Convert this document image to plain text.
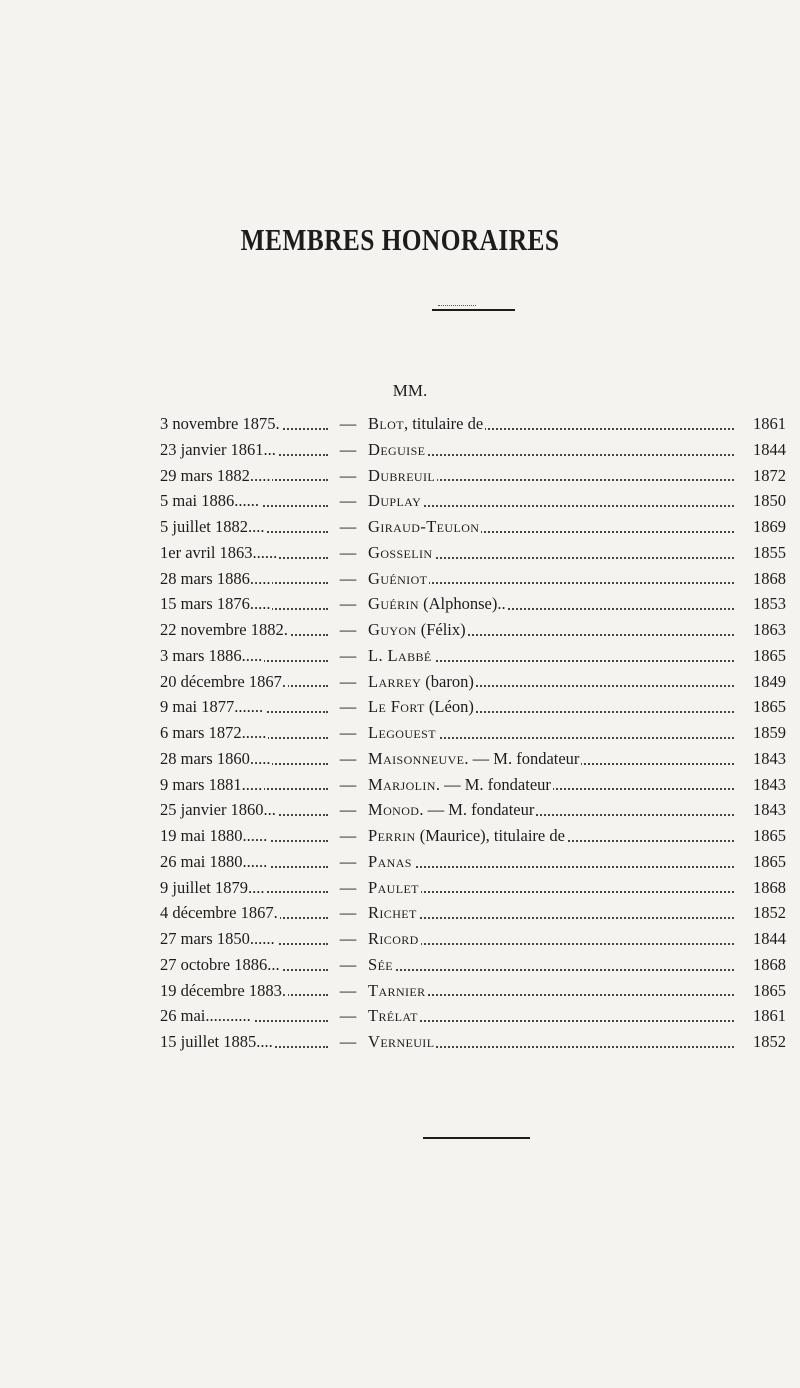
MEMBRES HONORAIRES
MM.
3 novembre 1875.	— Blot, titulaire de	1861
23 janvier 1861...	— Deguise	1844
29 mars 1882.....	— Dubreuil	1872
5 mai 1886......	— Duplay	1850
5 juillet 1882....	— Giraud-Teulon	1869
1er avril 1863......	— Gosselin	1855
28 mars 1886.....	— Guéniot	1868
15 mars 1876.....	— Guérin (Alphonse)..	1853
22 novembre 1882.	— Guyon (Félix)	1863
3 mars 1886.....	— L. Labbé	1865
20 décembre 1867.	— Larrey (baron)	1849
9 mai 1877.......	— Le Fort (Léon)	1865
6 mars 1872......	— Legouest	1859
28 mars 1860.....	— Maisonneuve. — M. fondateur	1843
9 mars 1881.....	— Marjolin. — M. fondateur	1843
25 janvier 1860...	— Monod. — M. fondateur	1843
19 mai 1880......	— Perrin (Maurice), titulaire de	1865
26 mai 1880......	— Panas	1865
9 juillet 1879....	— Paulet	1868
4 décembre 1867.	— Richet	1852
27 mars 1850......	— Ricord	1844
27 octobre 1886...	— Sée	1868
19 décembre 1883.	— Tarnier	1865
26 mai...........	— Trélat	1861
15 juillet 1885....	— Verneuil	1852
